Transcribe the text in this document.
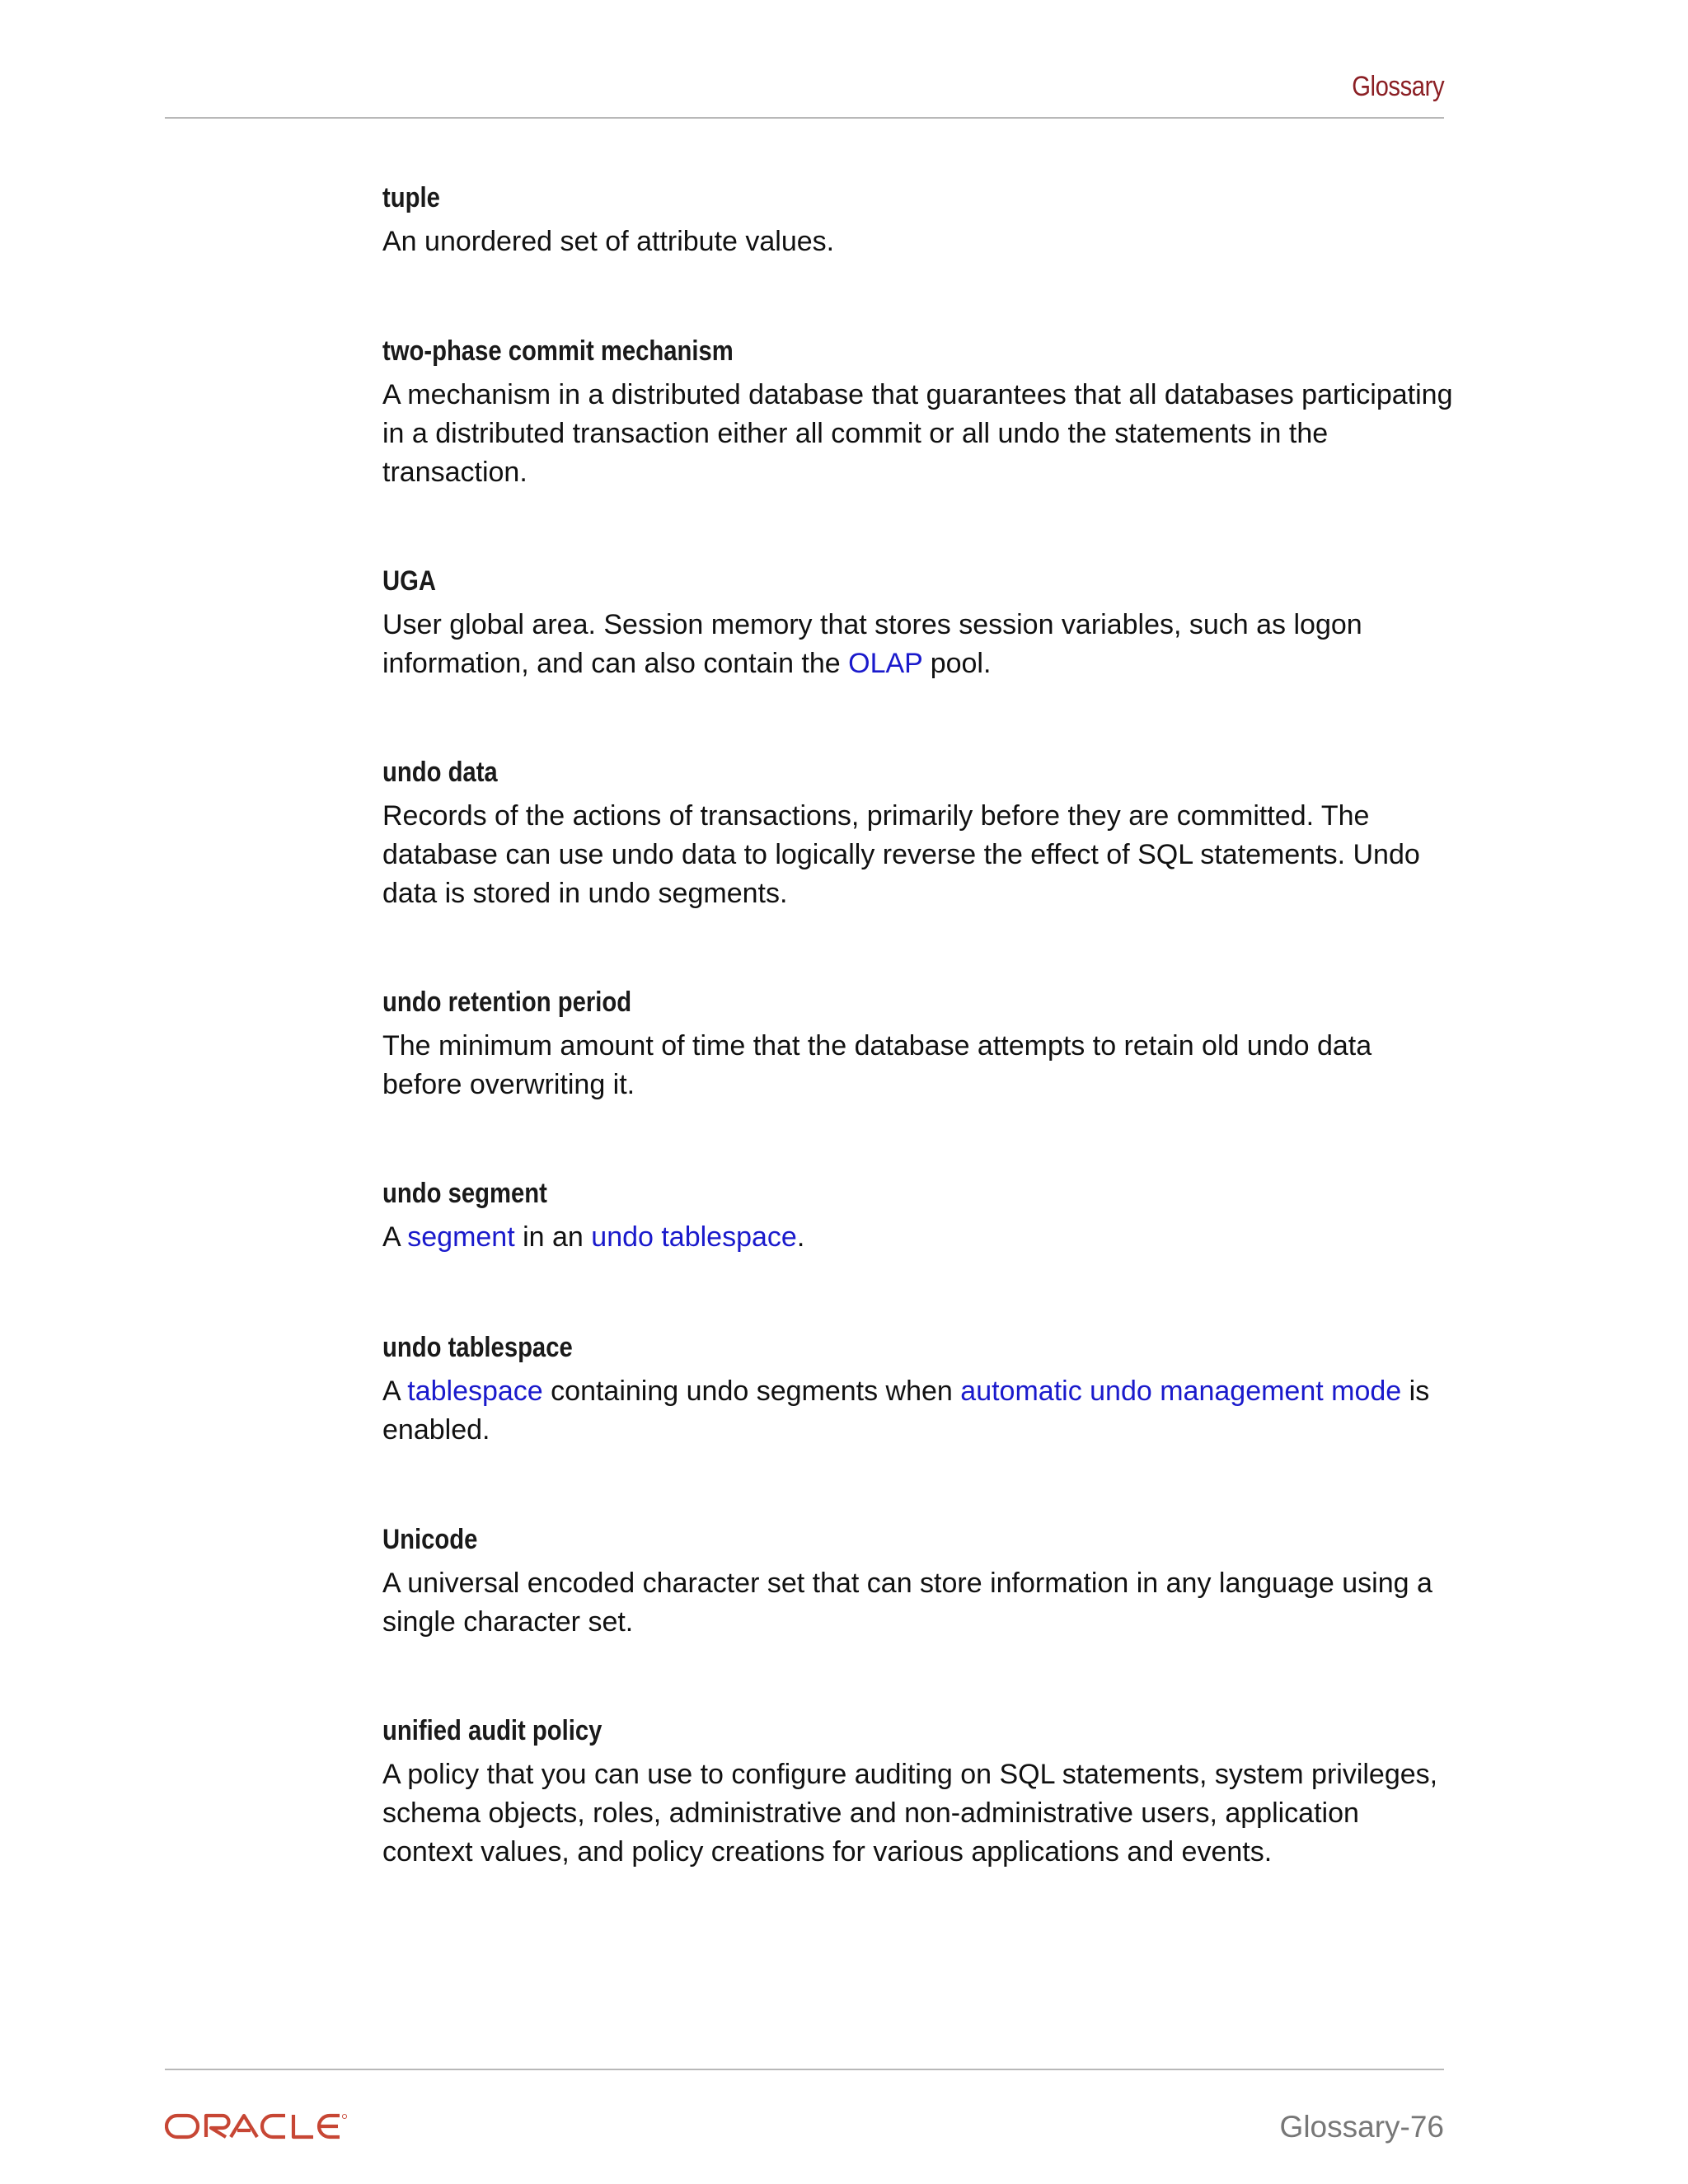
Glossary
tuple
An unordered set of attribute values.
two-phase commit mechanism
A mechanism in a distributed database that guarantees that all databases participating in a distributed transaction either all commit or all undo the statements in the transaction.
UGA
User global area. Session memory that stores session variables, such as logon information, and can also contain the OLAP pool.
undo data
Records of the actions of transactions, primarily before they are committed. The database can use undo data to logically reverse the effect of SQL statements. Undo data is stored in undo segments.
undo retention period
The minimum amount of time that the database attempts to retain old undo data before overwriting it.
undo segment
A segment in an undo tablespace.
undo tablespace
A tablespace containing undo segments when automatic undo management mode is enabled.
Unicode
A universal encoded character set that can store information in any language using a single character set.
unified audit policy
A policy that you can use to configure auditing on SQL statements, system privileges, schema objects, roles, administrative and non-administrative users, application context values, and policy creations for various applications and events.
Glossary-76
